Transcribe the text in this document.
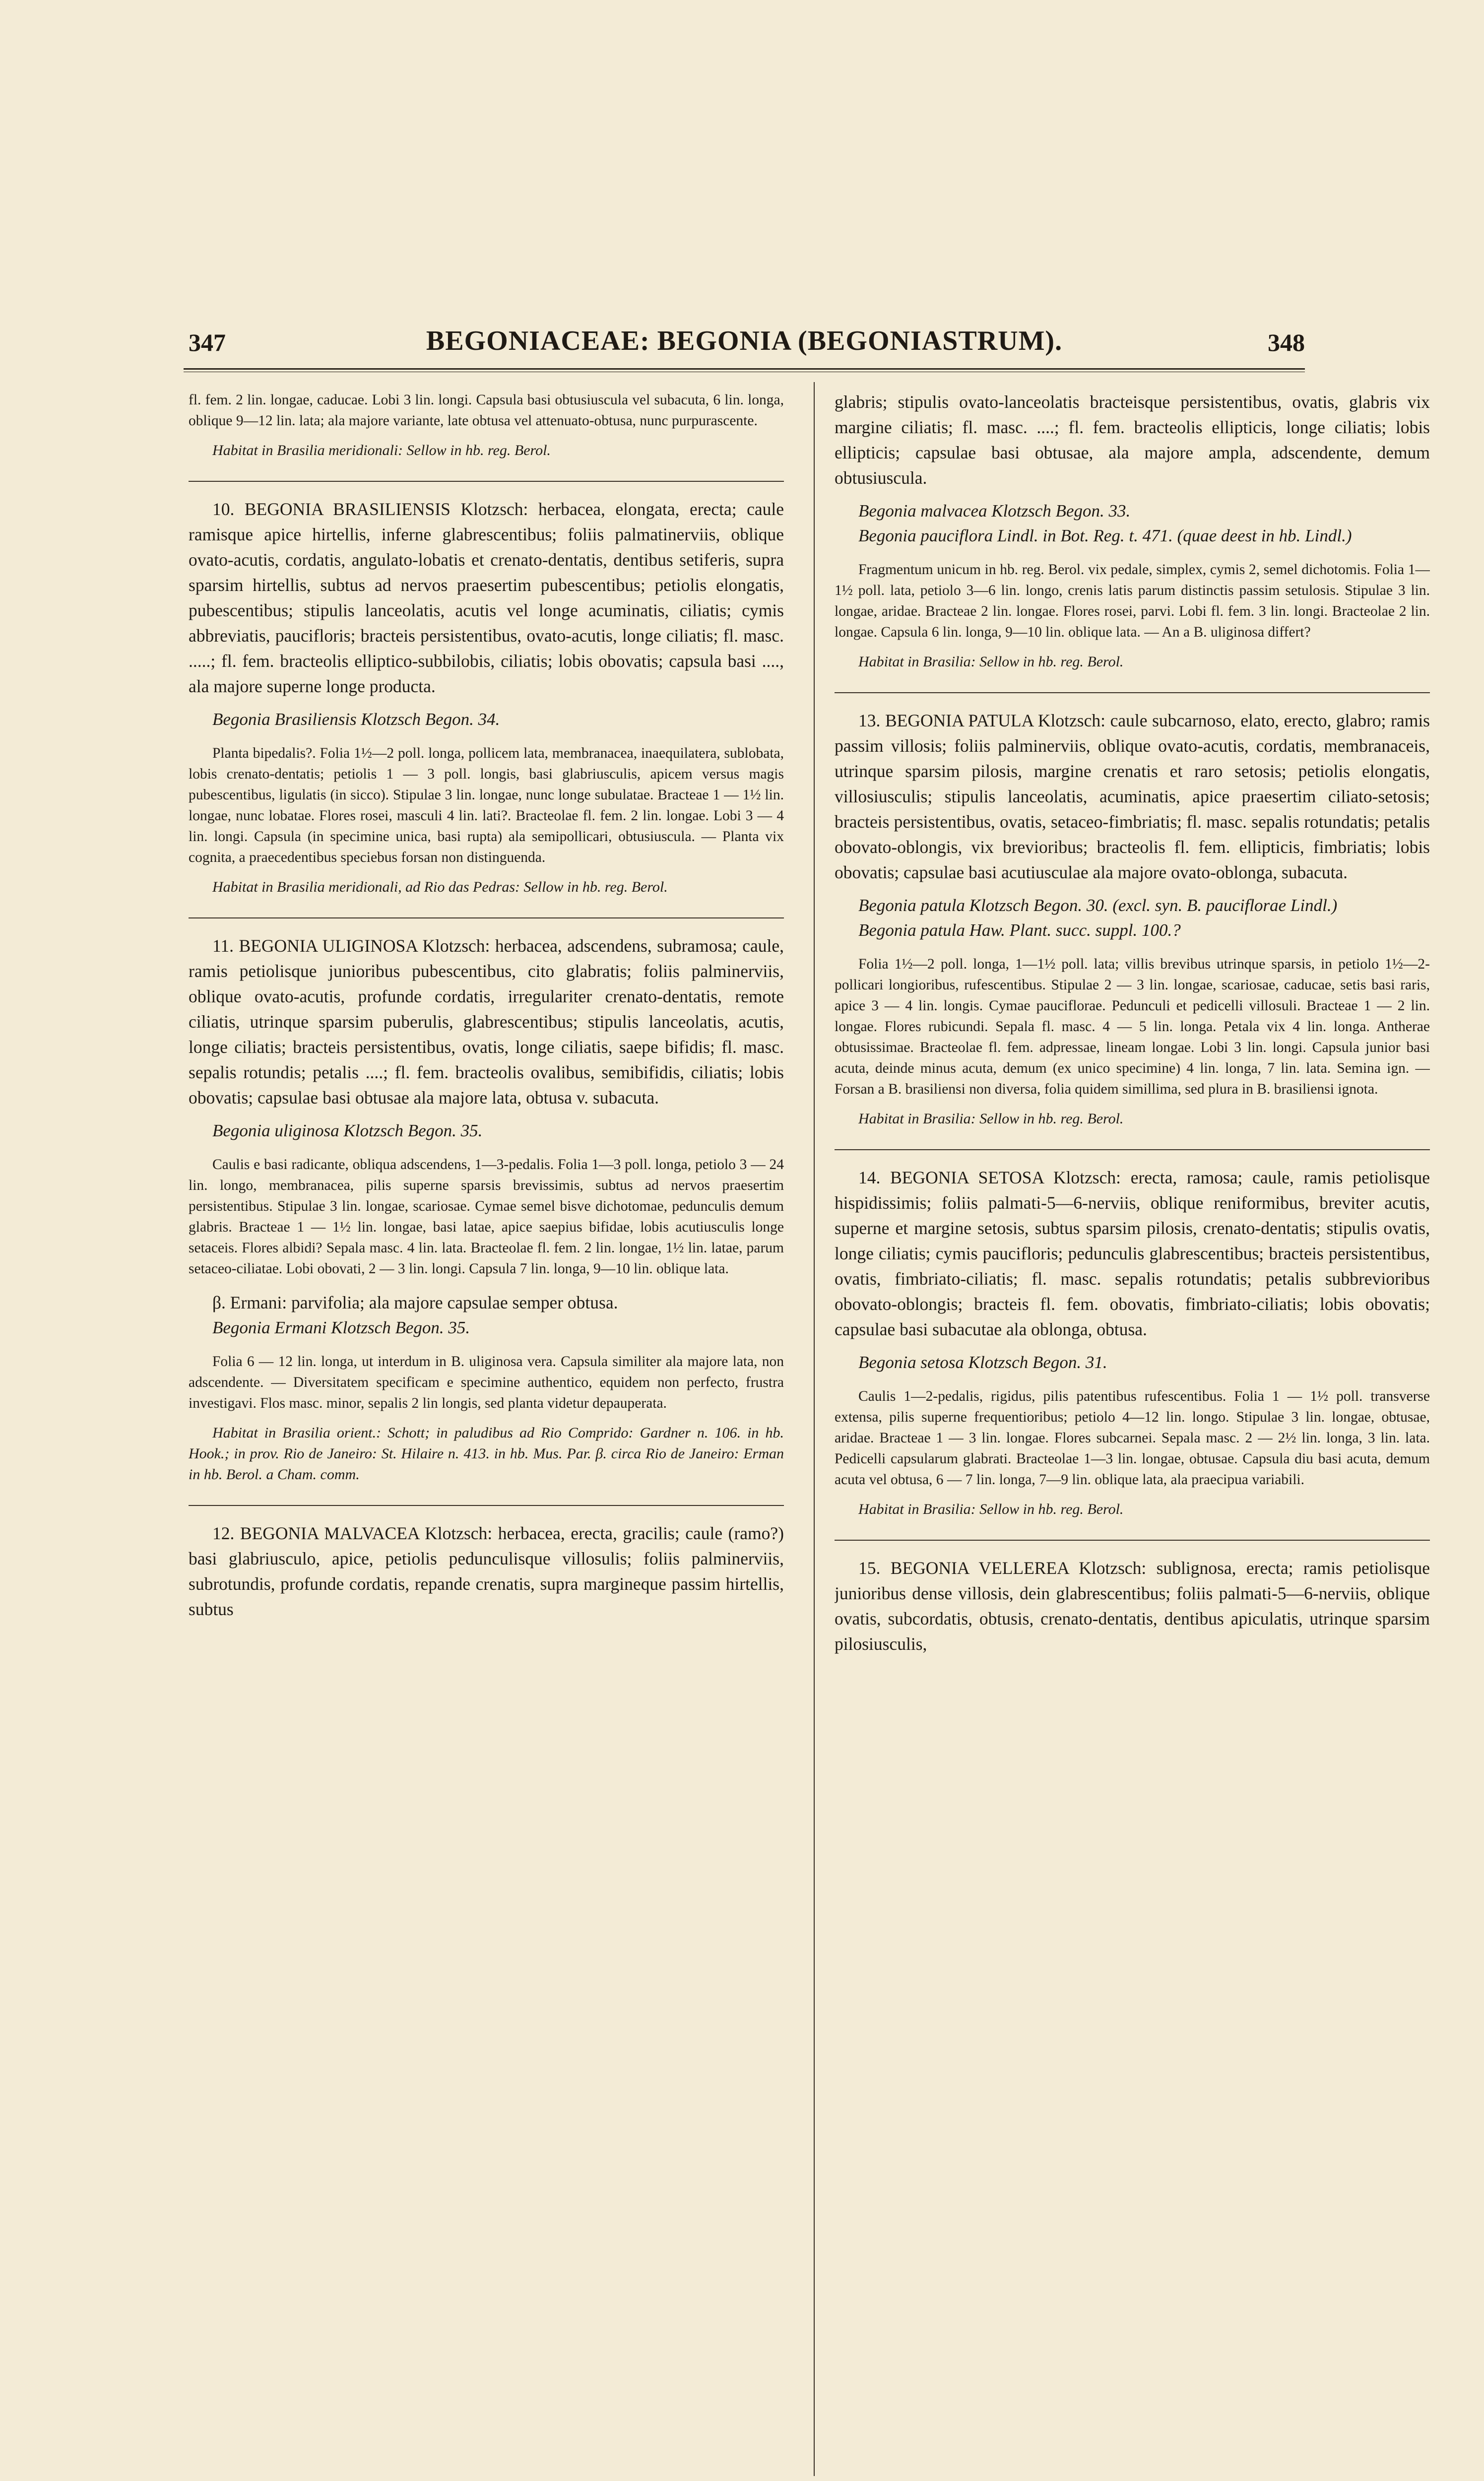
347	BEGONIACEAE: BEGONIA (BEGONIASTRUM).	348

fl. fem. 2 lin. longae, caducae. Lobi 3 lin. longi. Capsula basi obtusiuscula vel subacuta, 6 lin. longa, oblique 9—12 lin. lata; ala majore variante, late obtusa vel attenuato-obtusa, nunc purpurascente.

Habitat in Brasilia meridionali: Sellow in hb. reg. Berol.

10. BEGONIA BRASILIENSIS Klotzsch: herbacea, elongata, erecta; caule ramisque apice hirtellis, inferne glabrescentibus; foliis palmatinerviis, oblique ovato-acutis, cordatis, angulato-lobatis et crenato-dentatis, dentibus setiferis, supra sparsim hirtellis, subtus ad nervos praesertim pubescentibus; petiolis elongatis, pubescentibus; stipulis lanceolatis, acutis vel longe acuminatis, ciliatis; cymis abbreviatis, paucifloris; bracteis persistentibus, ovato-acutis, longe ciliatis; fl. masc. .....; fl. fem. bracteolis elliptico-subbilobis, ciliatis; lobis obovatis; capsula basi ...., ala majore superne longe producta.

Begonia Brasiliensis Klotzsch Begon. 34.

Planta bipedalis?. Folia 1½—2 poll. longa, pollicem lata, membranacea, inaequilatera, sublobata, lobis crenato-dentatis; petiolis 1 — 3 poll. longis, basi glabriusculis, apicem versus magis pubescentibus, ligulatis (in sicco). Stipulae 3 lin. longae, nunc longe subulatae. Bracteae 1 — 1½ lin. longae, nunc lobatae. Flores rosei, masculi 4 lin. lati?. Bracteolae fl. fem. 2 lin. longae. Lobi 3 — 4 lin. longi. Capsula (in specimine unica, basi rupta) ala semipollicari, obtusiuscula. — Planta vix cognita, a praecedentibus speciebus forsan non distinguenda.

Habitat in Brasilia meridionali, ad Rio das Pedras: Sellow in hb. reg. Berol.

11. BEGONIA ULIGINOSA Klotzsch: herbacea, adscendens, subramosa; caule, ramis petiolisque junioribus pubescentibus, cito glabratis; foliis palminerviis, oblique ovato-acutis, profunde cordatis, irregulariter crenato-dentatis, remote ciliatis, utrinque sparsim puberulis, glabrescentibus; stipulis lanceolatis, acutis, longe ciliatis; bracteis persistentibus, ovatis, longe ciliatis, saepe bifidis; fl. masc. sepalis rotundis; petalis ....; fl. fem. bracteolis ovalibus, semibifidis, ciliatis; lobis obovatis; capsulae basi obtusae ala majore lata, obtusa v. subacuta.

Begonia uliginosa Klotzsch Begon. 35.

Caulis e basi radicante, obliqua adscendens, 1—3-pedalis. Folia 1—3 poll. longa, petiolo 3 — 24 lin. longo, membranacea, pilis superne sparsis brevissimis, subtus ad nervos praesertim persistentibus. Stipulae 3 lin. longae, scariosae. Cymae semel bisve dichotomae, pedunculis demum glabris. Bracteae 1 — 1½ lin. longae, basi latae, apice saepius bifidae, lobis acutiusculis longe setaceis. Flores albidi? Sepala masc. 4 lin. lata. Bracteolae fl. fem. 2 lin. longae, 1½ lin. latae, parum setaceo-ciliatae. Lobi obovati, 2 — 3 lin. longi. Capsula 7 lin. longa, 9—10 lin. oblique lata.

β. Ermani: parvifolia; ala majore capsulae semper obtusa.

Begonia Ermani Klotzsch Begon. 35.

Folia 6 — 12 lin. longa, ut interdum in B. uliginosa vera. Capsula similiter ala majore lata, non adscendente. — Diversitatem specificam e specimine authentico, equidem non perfecto, frustra investigavi. Flos masc. minor, sepalis 2 lin longis, sed planta videtur depauperata.

Habitat in Brasilia orient.: Schott; in paludibus ad Rio Comprido: Gardner n. 106. in hb. Hook.; in prov. Rio de Janeiro: St. Hilaire n. 413. in hb. Mus. Par. β. circa Rio de Janeiro: Erman in hb. Berol. a Cham. comm.

12. BEGONIA MALVACEA Klotzsch: herbacea, erecta, gracilis; caule (ramo?) basi glabriusculo, apice, petiolis pedunculisque villosulis; foliis palminerviis, subrotundis, profunde cordatis, repande crenatis, supra margineque passim hirtellis, subtus

glabris; stipulis ovato-lanceolatis bracteisque persistentibus, ovatis, glabris vix margine ciliatis; fl. masc. ....; fl. fem. bracteolis ellipticis, longe ciliatis; lobis ellipticis; capsulae basi obtusae, ala majore ampla, adscendente, demum obtusiuscula.

Begonia malvacea Klotzsch Begon. 33.

Begonia pauciflora Lindl. in Bot. Reg. t. 471. (quae deest in hb. Lindl.)

Fragmentum unicum in hb. reg. Berol. vix pedale, simplex, cymis 2, semel dichotomis. Folia 1—1½ poll. lata, petiolo 3—6 lin. longo, crenis latis parum distinctis passim setulosis. Stipulae 3 lin. longae, aridae. Bracteae 2 lin. longae. Flores rosei, parvi. Lobi fl. fem. 3 lin. longi. Bracteolae 2 lin. longae. Capsula 6 lin. longa, 9—10 lin. oblique lata. — An a B. uliginosa differt?

Habitat in Brasilia: Sellow in hb. reg. Berol.

13. BEGONIA PATULA Klotzsch: caule subcarnoso, elato, erecto, glabro; ramis passim villosis; foliis palminerviis, oblique ovato-acutis, cordatis, membranaceis, utrinque sparsim pilosis, margine crenatis et raro setosis; petiolis elongatis, villosiusculis; stipulis lanceolatis, acuminatis, apice praesertim ciliato-setosis; bracteis persistentibus, ovatis, setaceo-fimbriatis; fl. masc. sepalis rotundatis; petalis obovato-oblongis, vix brevioribus; bracteolis fl. fem. ellipticis, fimbriatis; lobis obovatis; capsulae basi acutiusculae ala majore ovato-oblonga, subacuta.

Begonia patula Klotzsch Begon. 30. (excl. syn. B. pauciflorae Lindl.)

Begonia patula Haw. Plant. succ. suppl. 100.?

Folia 1½—2 poll. longa, 1—1½ poll. lata; villis brevibus utrinque sparsis, in petiolo 1½—2-pollicari longioribus, rufescentibus. Stipulae 2 — 3 lin. longae, scariosae, caducae, setis basi raris, apice 3 — 4 lin. longis. Cymae pauciflorae. Pedunculi et pedicelli villosuli. Bracteae 1 — 2 lin. longae. Flores rubicundi. Sepala fl. masc. 4 — 5 lin. longa. Petala vix 4 lin. longa. Antherae obtusissimae. Bracteolae fl. fem. adpressae, lineam longae. Lobi 3 lin. longi. Capsula junior basi acuta, deinde minus acuta, demum (ex unico specimine) 4 lin. longa, 7 lin. lata. Semina ign. — Forsan a B. brasiliensi non diversa, folia quidem simillima, sed plura in B. brasiliensi ignota.

Habitat in Brasilia: Sellow in hb. reg. Berol.

14. BEGONIA SETOSA Klotzsch: erecta, ramosa; caule, ramis petiolisque hispidissimis; foliis palmati-5—6-nerviis, oblique reniformibus, breviter acutis, superne et margine setosis, subtus sparsim pilosis, crenato-dentatis; stipulis ovatis, longe ciliatis; cymis paucifloris; pedunculis glabrescentibus; bracteis persistentibus, ovatis, fimbriato-ciliatis; fl. masc. sepalis rotundatis; petalis subbrevioribus obovato-oblongis; bracteis fl. fem. obovatis, fimbriato-ciliatis; lobis obovatis; capsulae basi subacutae ala oblonga, obtusa.

Begonia setosa Klotzsch Begon. 31.

Caulis 1—2-pedalis, rigidus, pilis patentibus rufescentibus. Folia 1 — 1½ poll. transverse extensa, pilis superne frequentioribus; petiolo 4—12 lin. longo. Stipulae 3 lin. longae, obtusae, aridae. Bracteae 1 — 3 lin. longae. Flores subcarnei. Sepala masc. 2 — 2½ lin. longa, 3 lin. lata. Pedicelli capsularum glabrati. Bracteolae 1—3 lin. longae, obtusae. Capsula diu basi acuta, demum acuta vel obtusa, 6 — 7 lin. longa, 7—9 lin. oblique lata, ala praecipua variabili.

Habitat in Brasilia: Sellow in hb. reg. Berol.

15. BEGONIA VELLEREA Klotzsch: sublignosa, erecta; ramis petiolisque junioribus dense villosis, dein glabrescentibus; foliis palmati-5—6-nerviis, oblique ovatis, subcordatis, obtusis, crenato-dentatis, dentibus apiculatis, utrinque sparsim pilosiusculis,
